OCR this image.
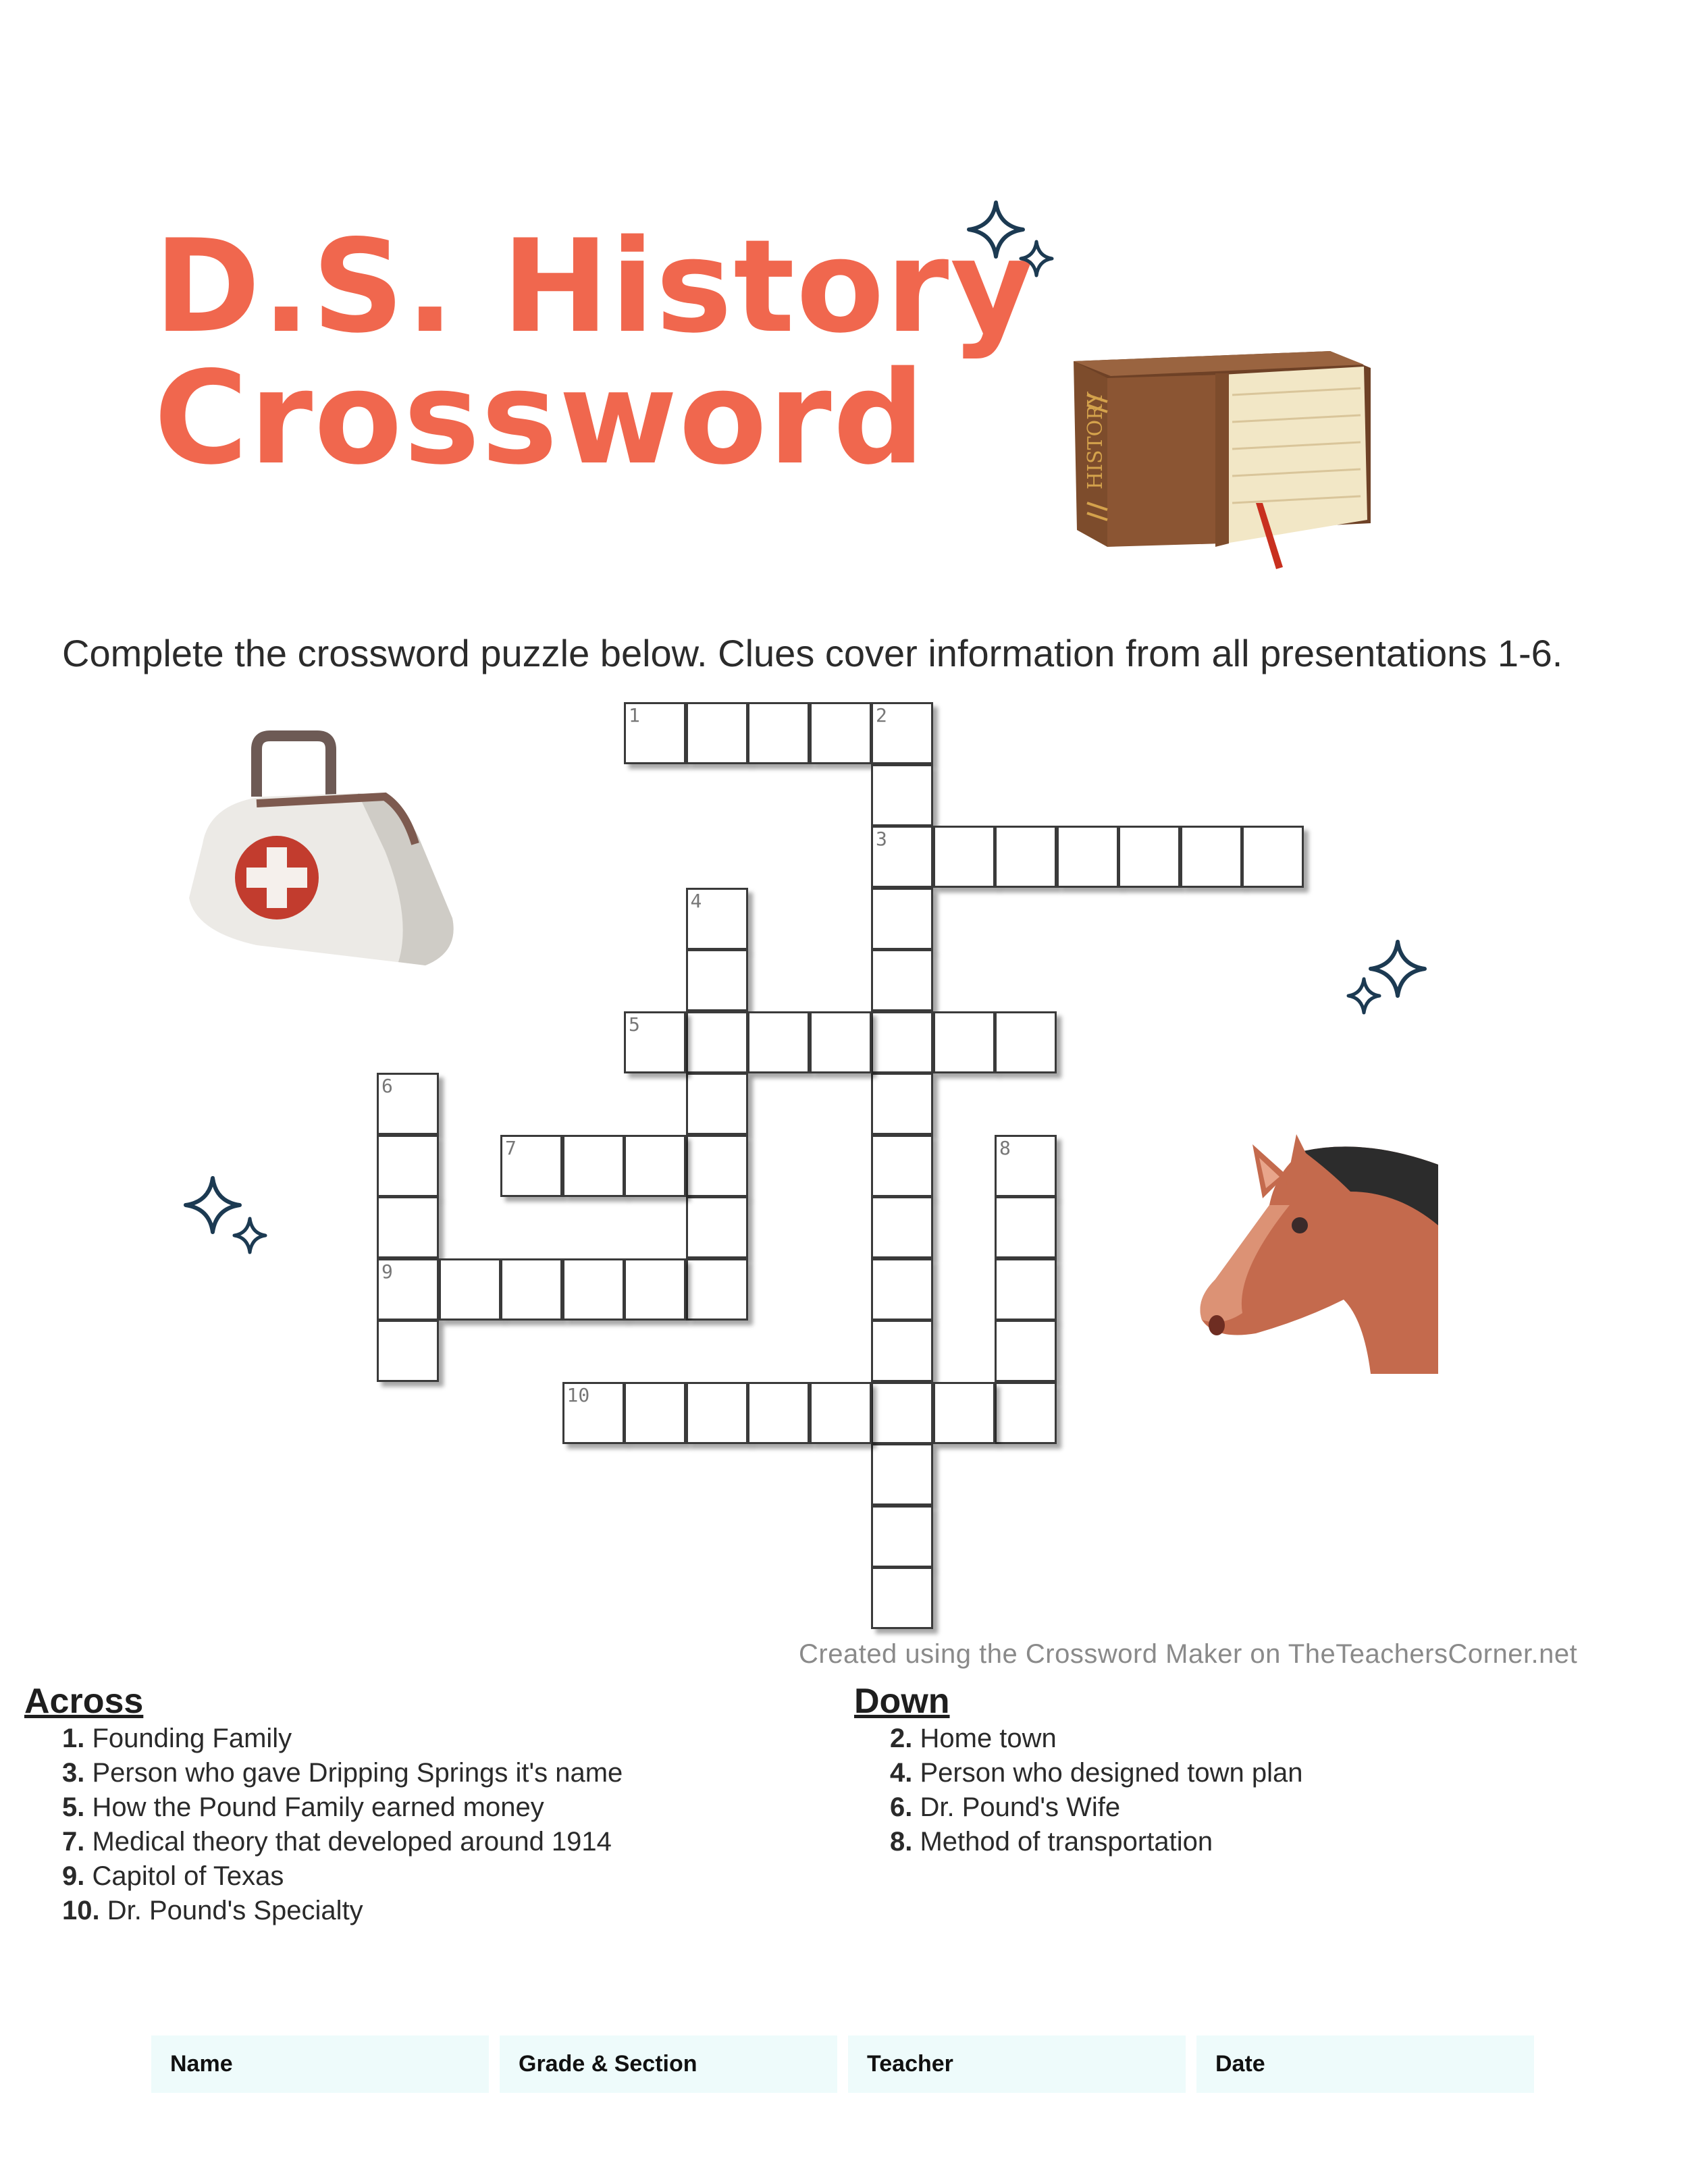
D.S. History
Crossword	HISTORY

Complete the crossword puzzle below. Clues cover information from all presentations 1-6.

1	2
3
4
5
6
9
7	8
10
Created using the Crossword Maker on TheTeachersCorner.net
Across
1. Founding Family
3. Person who gave Dripping Springs it's name
5. How the Pound Family earned money
7. Medical theory that developed around 1914
9. Capitol of Texas
10. Dr. Pound's Specialty
Down
2. Home town
4. Person who designed town plan
6. Dr. Pound's Wife
8. Method of transportation
Name	Grade & Section	Teacher	Date
